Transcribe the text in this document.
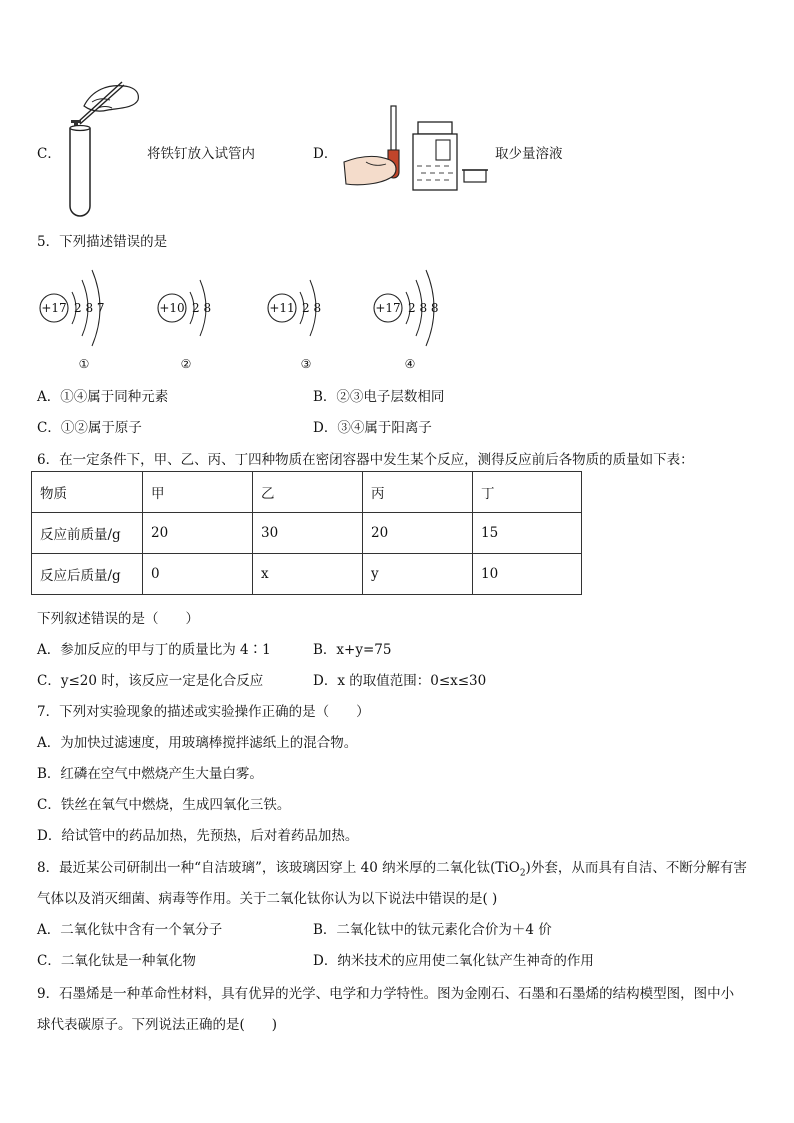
C．	将铁钉放入试管内	D．	取少量溶液
5．下列描述错误的是
+17 2 8 7
①
+10 2 8
②
+11 2 8
③
+17 2 8 8
④
A．①④属于同种元素	B．②③电子层数相同
C．①②属于原子	D．③④属于阳离子
6．在一定条件下，甲、乙、丙、丁四种物质在密闭容器中发生某个反应，测得反应前后各物质的质量如下表：
物质	甲	乙	丙	丁
反应前质量/g	20	30	20	15
反应后质量/g	0	x	y	10
下列叙述错误的是（　　）
A．参加反应的甲与丁的质量比为 4∶1	B．x+y=75
C．y≤20 时，该反应一定是化合反应	D．x 的取值范围：0≤x≤30
7．下列对实验现象的描述或实验操作正确的是（　　）
A．为加快过滤速度，用玻璃棒搅拌滤纸上的混合物。
B．红磷在空气中燃烧产生大量白雾。
C．铁丝在氧气中燃烧，生成四氧化三铁。
D．给试管中的药品加热，先预热，后对着药品加热。
8．最近某公司研制出一种“自洁玻璃”，该玻璃因穿上 40 纳米厚的二氧化钛(TiO$_2$)外套，从而具有自洁、不断分解有害
气体以及消灭细菌、病毒等作用。关于二氧化钛你认为以下说法中错误的是( )
A．二氧化钛中含有一个氧分子	B．二氧化钛中的钛元素化合价为＋4 价
C．二氧化钛是一种氧化物	D．纳米技术的应用使二氧化钛产生神奇的作用
9．石墨烯是一种革命性材料，具有优异的光学、电学和力学特性。图为金刚石、石墨和石墨烯的结构模型图，图中小
球代表碳原子。下列说法正确的是(　　)
